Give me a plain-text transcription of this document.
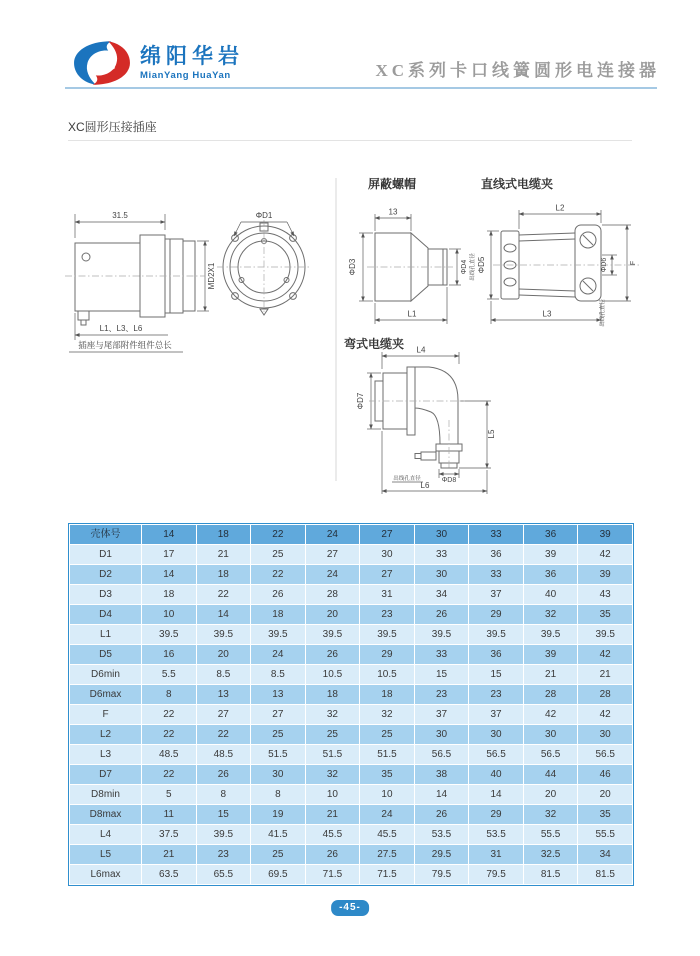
绵阳华岩
MianYang HuaYan	XC系列卡口线簧圆形电连接器
XC圆形压接插座
屏蔽螺帽	直线式电缆夹
弯式电缆夹
31.5
MD2X1
L1、L3、L6
插座与尾部附件组件总长
ΦD1	13
ΦD3	ΦD4 出线孔直径
L1
L2
ΦD5	ΦD6	F
出线孔直径
L3
L4
ΦD7
L5
出线孔直径	ΦD8
L6
壳体号	14	18	22	24	27	30	33	36	39
D1	17	21	25	27	30	33	36	39	42
D2	14	18	22	24	27	30	33	36	39
D3	18	22	26	28	31	34	37	40	43
D4	10	14	18	20	23	26	29	32	35
L1	39.5	39.5	39.5	39.5	39.5	39.5	39.5	39.5	39.5
D5	16	20	24	26	29	33	36	39	42
D6min	5.5	8.5	8.5	10.5	10.5	15	15	21	21
D6max	8	13	13	18	18	23	23	28	28
F	22	27	27	32	32	37	37	42	42
L2	22	22	25	25	25	30	30	30	30
L3	48.5	48.5	51.5	51.5	51.5	56.5	56.5	56.5	56.5
D7	22	26	30	32	35	38	40	44	46
D8min	5	8	8	10	10	14	14	20	20
D8max	11	15	19	21	24	26	29	32	35
L4	37.5	39.5	41.5	45.5	45.5	53.5	53.5	55.5	55.5
L5	21	23	25	26	27.5	29.5	31	32.5	34
L6max	63.5	65.5	69.5	71.5	71.5	79.5	79.5	81.5	81.5
-45-
